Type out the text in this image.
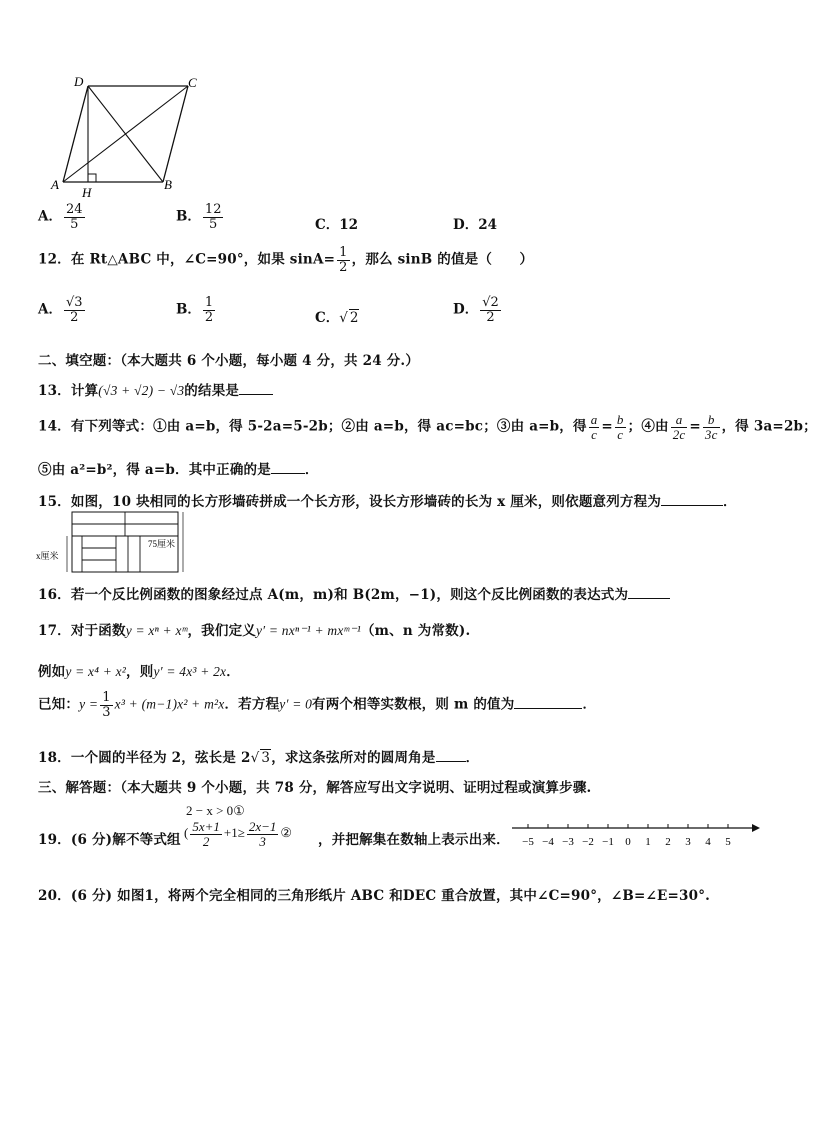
D	C
A	B
H
A． $\frac{24}{5}$	B． $\frac{12}{5}$	C．12	D．24
12．在 Rt△ABC 中，∠C=90°，如果 $\sin A= \frac{1}{2}$ ，那么 sinB 的值是（　　）
A． $\frac{√3}{2}$	B． $\frac{1}{2}$	C． √ 2
D． $\frac{√2}{2}$
二、填空题：（本大题共 6 个小题，每小题 4 分，共 24 分.）
13．计算(√3 + √2) − √3的结果是
14．有下列等式：①由 a=b，得 5-2a=5-2b；②由 a=b，得 ac=bc；③由 a=b，得 $\frac{a}{c} = \frac{b}{c}$ ；④由 $\frac{a}{2c} = \frac{b}{3c}$ ，得 3a=2b；
⑤由 a²=b²，得 a=b．其中正确的是	．
15．如图，10 块相同的长方形墙砖拼成一个长方形，设长方形墙砖的长为 x 厘米，则依题意列方程为	．
x厘米
75厘米
16．若一个反比例函数的图象经过点 A(m，m)和 B(2m，−1)，则这个反比例函数的表达式为
17．对于函数y = xⁿ + xᵐ，我们定义y′ = nxⁿ⁻¹ + mxᵐ⁻¹（m、n 为常数).
例如y = x⁴ + x²，则y′ = 4x³ + 2x．
已知：$y = \frac{1}{3} x^3 + (m-1)x^2 + m^2x$．若方程y′ = 0有两个相等实数根，则 m 的值为	．
18．一个圆的半径为 2，弦长是 2 √ 3，求这条弦所对的圆周角是 ．
三、解答题：（本大题共 9 个小题，共 78 分，解答应写出文字说明、证明过程或演算步骤.
2 − x > 0①
19．(6 分)解不等式组 ( $\frac{5x+1}{2} +1\ge \frac{2x-1}{3}$ ② ，并把解集在数轴上表示出来． −5 −4 −3 −2 −1 0 1 2 3 4 5
20．(6 分) 如图1，将两个完全相同的三角形纸片 ABC 和DEC 重合放置，其中∠C=90°，∠B=∠E=30°.
